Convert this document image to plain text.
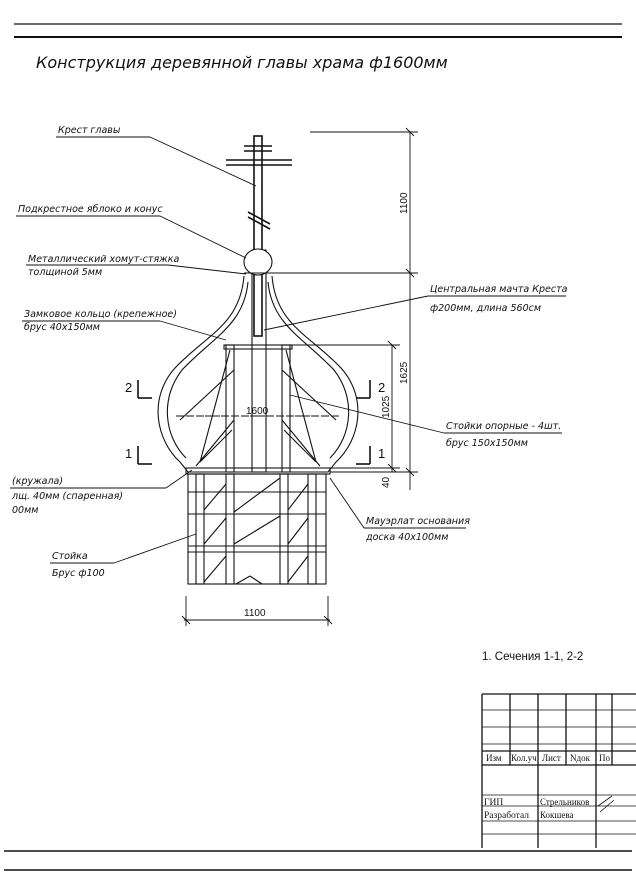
Конструкция деревянной главы храма ф1600мм
2
1
2
1
1100
1625
1025
40
1600
1100
Крест главы
Подкрестное яблоко и конус
Металлический хомут-стяжка
толщиной 5мм
Замковое кольцо (крепежное)
брус 40х150мм
Центральная мачта Креста
ф200мм, длина 560см
Стойки опорные - 4шт.
брус 150х150мм
(кружала)
лщ. 40мм (спаренная)
00мм
Мауэрлат основания
доска 40х100мм
Стойка
Брус ф100
1. Сечения 1-1, 2-2
Изм Кол.уч Лист Nдок По
ГИП	Стрельников
Разработал Кокшева
